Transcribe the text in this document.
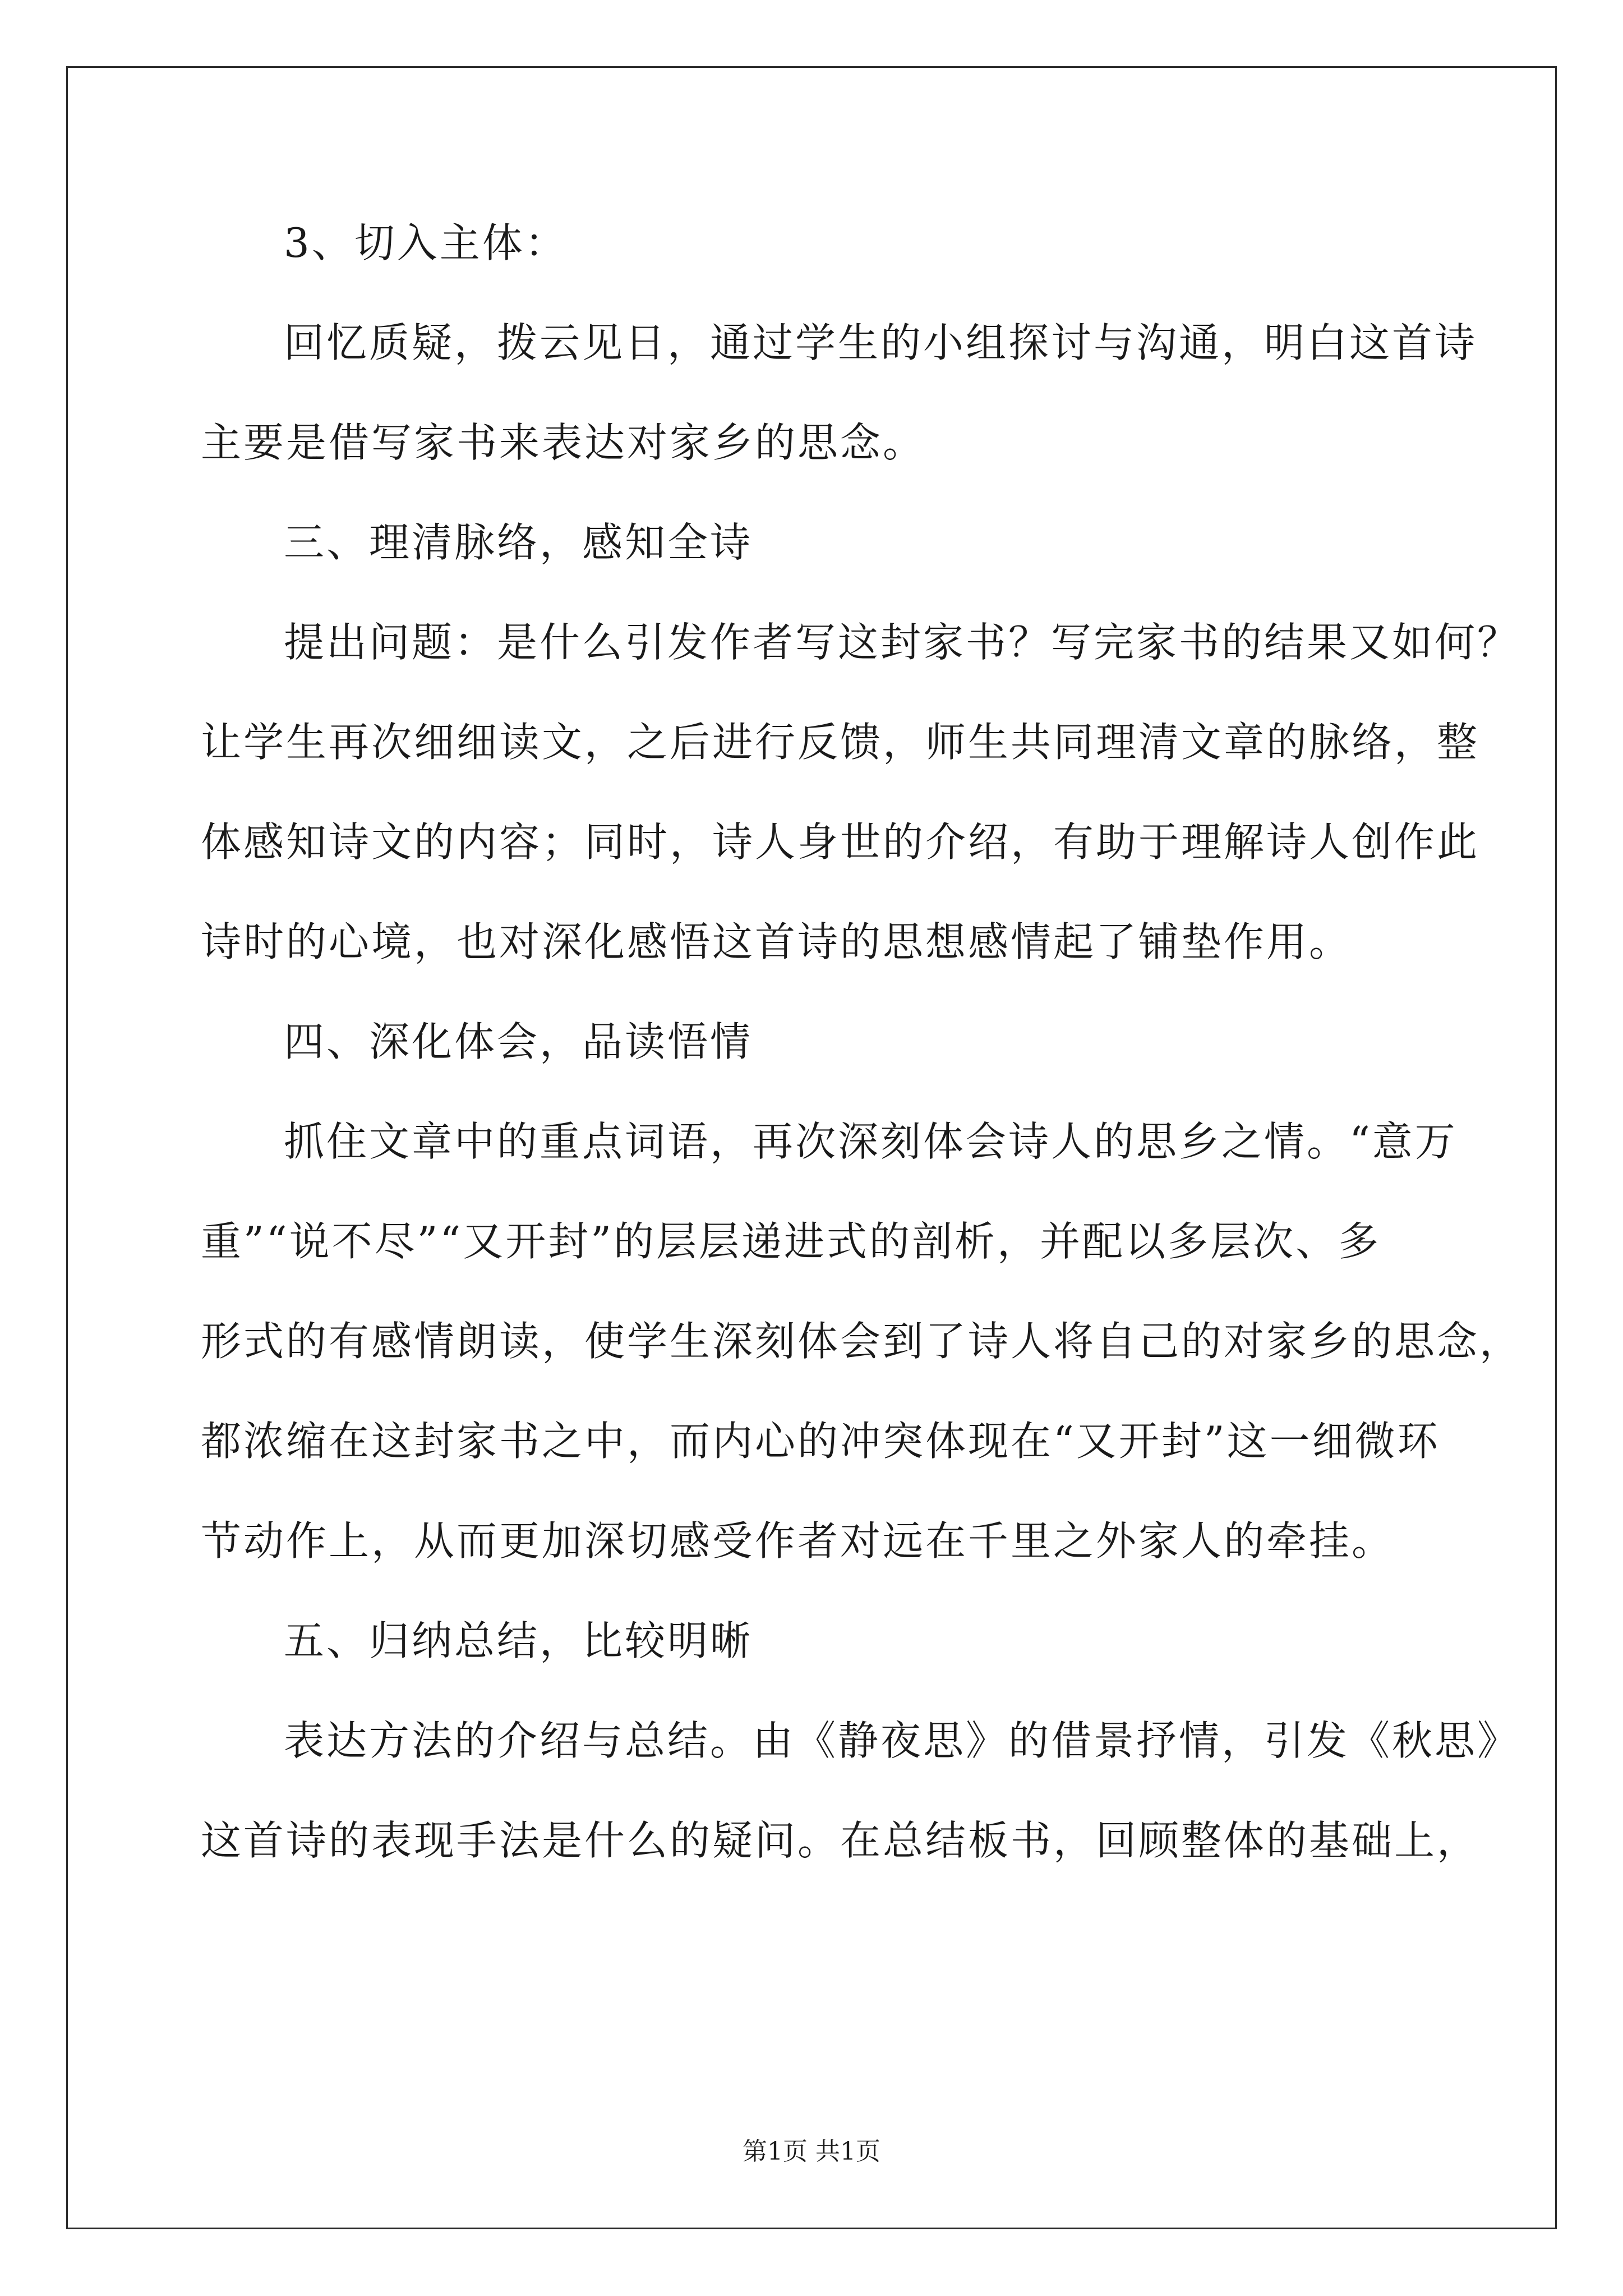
3、切入主体：
回忆质疑，拨云见日，通过学生的小组探讨与沟通，明白这首诗
主要是借写家书来表达对家乡的思念。
三、理清脉络，感知全诗
提出问题：是什么引发作者写这封家书？写完家书的结果又如何？
让学生再次细细读文，之后进行反馈，师生共同理清文章的脉络，整
体感知诗文的内容；同时，诗人身世的介绍，有助于理解诗人创作此
诗时的心境，也对深化感悟这首诗的思想感情起了铺垫作用。
四、深化体会，品读悟情
抓住文章中的重点词语，再次深刻体会诗人的思乡之情。“意万
重”“说不尽”“又开封”的层层递进式的剖析，并配以多层次、多
形式的有感情朗读，使学生深刻体会到了诗人将自己的对家乡的思念，
都浓缩在这封家书之中，而内心的冲突体现在“又开封”这一细微环
节动作上，从而更加深切感受作者对远在千里之外家人的牵挂。
五、归纳总结，比较明晰
表达方法的介绍与总结。由《静夜思》的借景抒情，引发《秋思》
这首诗的表现手法是什么的疑问。在总结板书，回顾整体的基础上，
第1页 共1页
